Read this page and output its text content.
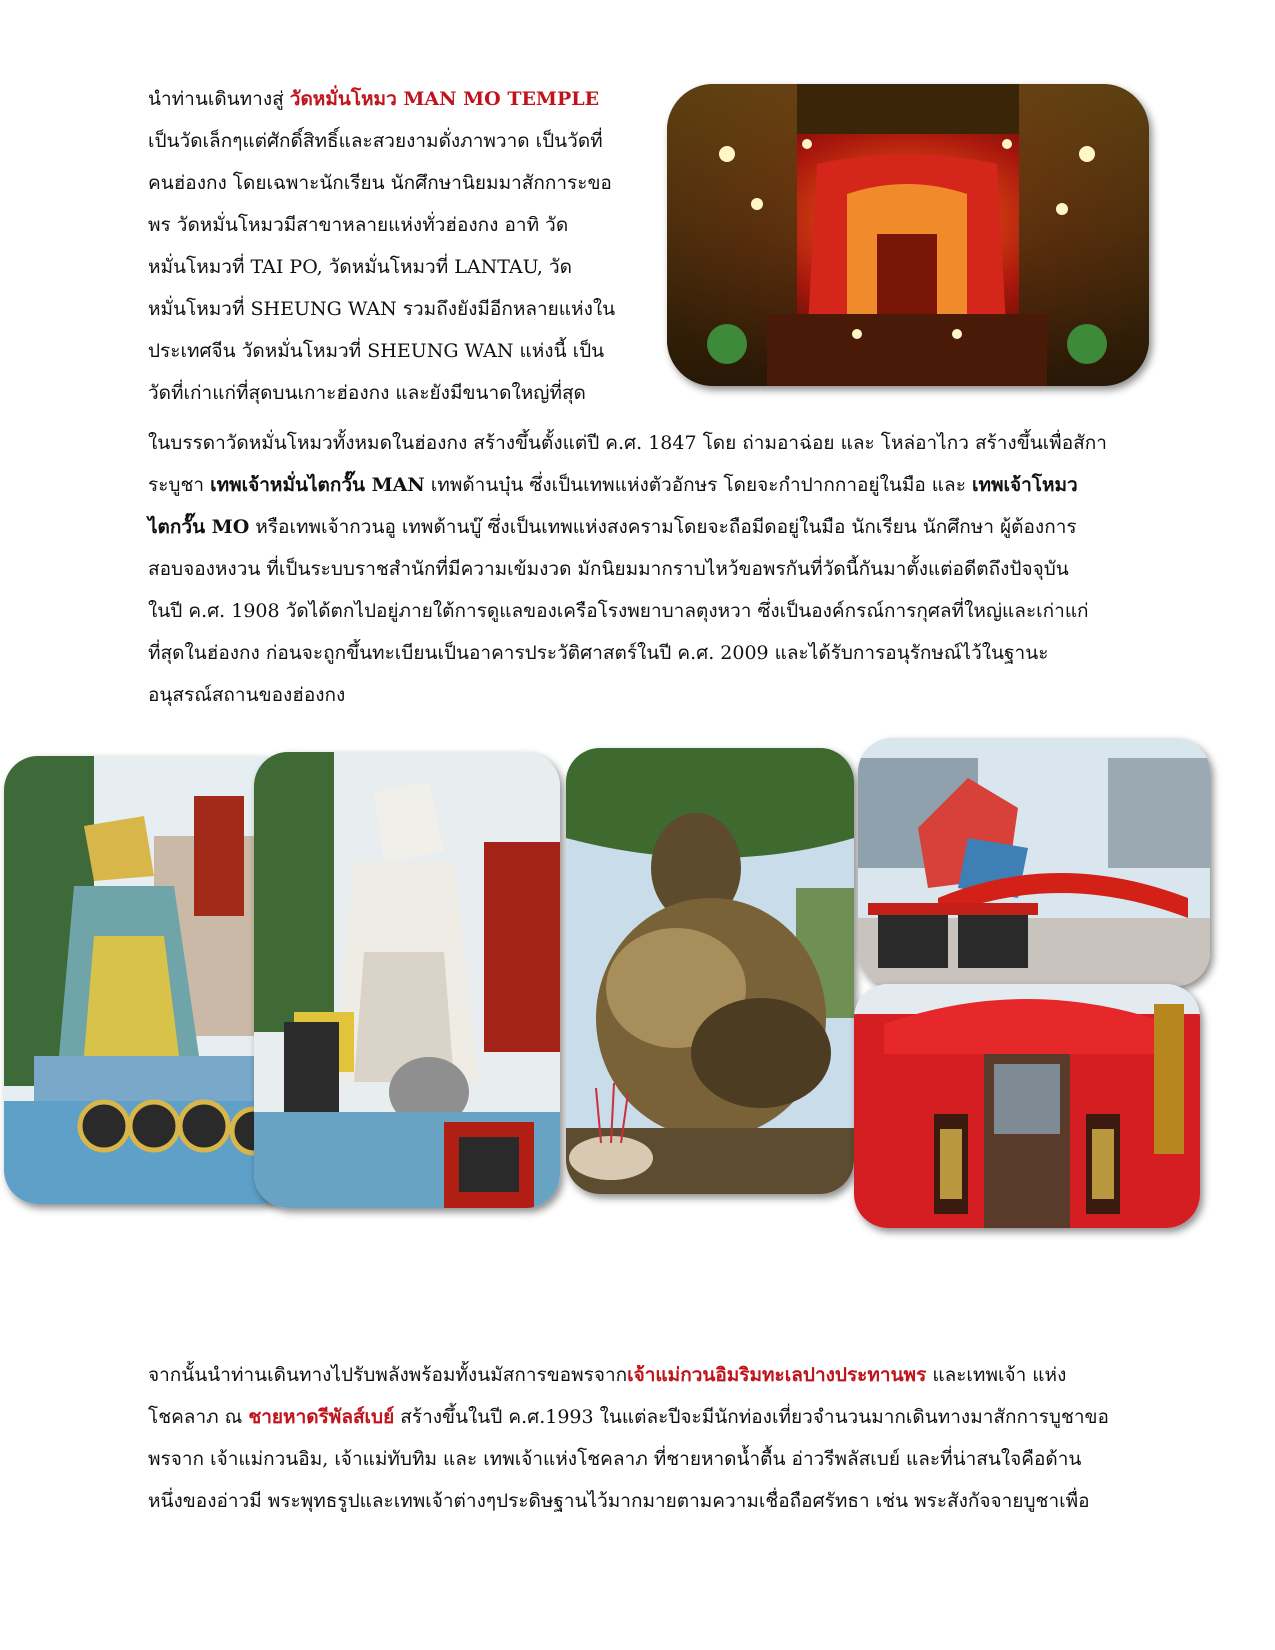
นำท่านเดินทางสู่ วัดหมั่นโหมว MAN MO TEMPLE
เป็นวัดเล็กๆแต่ศักดิ์สิทธิ์และสวยงามดั่งภาพวาด เป็นวัดที่
คนฮ่องกง โดยเฉพาะนักเรียน นักศึกษานิยมมาสักการะขอ
พร วัดหมั่นโหมวมีสาขาหลายแห่งทั่วฮ่องกง อาทิ วัด
หมั่นโหมวที่ TAI PO, วัดหมั่นโหมวที่ LANTAU, วัด
หมั่นโหมวที่ SHEUNG WAN รวมถึงยังมีอีกหลายแห่งใน
ประเทศจีน วัดหมั่นโหมวที่ SHEUNG WAN แห่งนี้ เป็น
วัดที่เก่าแก่ที่สุดบนเกาะฮ่องกง และยังมีขนาดใหญ่ที่สุด
ในบรรดาวัดหมั่นโหมวทั้งหมดในฮ่องกง สร้างขึ้นตั้งแต่ปี ค.ศ. 1847 โดย ถ่ามอาฉ่อย และ โหล่อาไกว สร้างขึ้นเพื่อสักา
ระบูชา เทพเจ้าหมั่นไตกวั๊น MAN เทพด้านบุ๋น ซึ่งเป็นเทพแห่งตัวอักษร โดยจะกำปากกาอยู่ในมือ และ เทพเจ้าโหมว
ไตกวั๊น MO หรือเทพเจ้ากวนอู เทพด้านบู๊ ซึ่งเป็นเทพแห่งสงครามโดยจะถือมีดอยู่ในมือ นักเรียน นักศึกษา ผู้ต้องการ
สอบจองหงวน ที่เป็นระบบราชสำนักที่มีความเข้มงวด มักนิยมมากราบไหว้ขอพรกันที่วัดนี้กันมาตั้งแต่อดีตถึงปัจจุบัน
ในปี ค.ศ. 1908 วัดได้ตกไปอยู่ภายใต้การดูแลของเครือโรงพยาบาลตุงหวา ซึ่งเป็นองค์กรณ์การกุศลที่ใหญ่และเก่าแก่
ที่สุดในฮ่องกง ก่อนจะถูกขึ้นทะเบียนเป็นอาคารประวัติศาสตร์ในปี ค.ศ. 2009 และได้รับการอนุรักษณ์ไว้ในฐานะ
อนุสรณ์สถานของฮ่องกง
จากนั้นนำท่านเดินทางไปรับพลังพร้อมทั้งนมัสการขอพรจากเจ้าแม่กวนอิมริมทะเลปางประทานพร และเทพเจ้า แห่ง
โชคลาภ ณ ชายหาดรีพัลส์เบย์ สร้างขึ้นในปี ค.ศ.1993 ในแต่ละปีจะมีนักท่องเที่ยวจำนวนมากเดินทางมาสักการบูชาขอ
พรจาก เจ้าแม่กวนอิม, เจ้าแม่ทับทิม และ เทพเจ้าแห่งโชคลาภ ที่ชายหาดน้ำตื้น อ่าวรีพลัสเบย์ และที่น่าสนใจคือด้าน
หนึ่งของอ่าวมี พระพุทธรูปและเทพเจ้าต่างๆประดิษฐานไว้มากมายตามความเชื่อถือศรัทธา เช่น พระสังกัจจายบูชาเพื่อ
